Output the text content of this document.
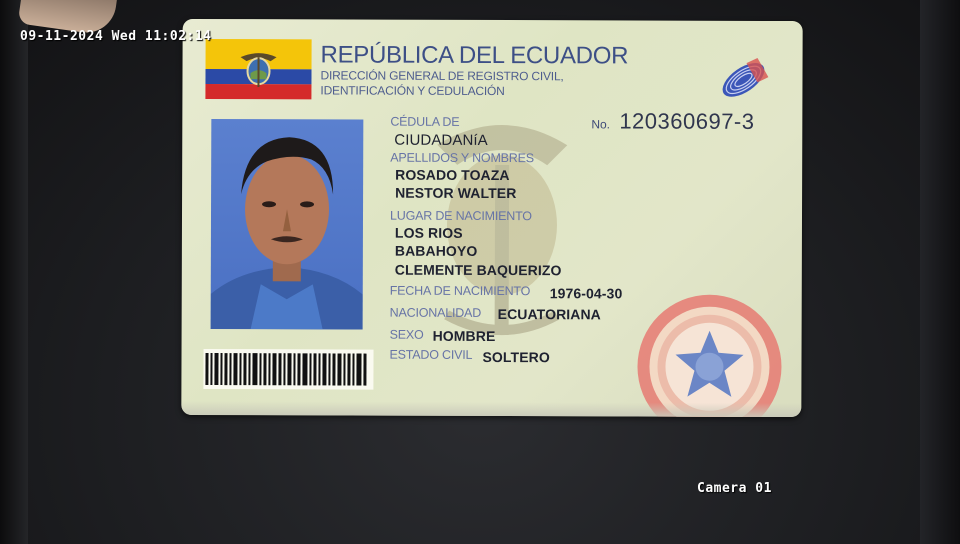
REPÚBLICA DEL ECUADOR
DIRECCIÓN GENERAL DE REGISTRO CIVIL,
IDENTIFICACIÓN Y CEDULACIÓN
No. 120360697-3
CÉDULA DE
CIUDADANíA
APELLIDOS Y NOMBRES
ROSADO TOAZA
NESTOR WALTER
LUGAR DE NACIMIENTO
LOS RIOS
BABAHOYO
CLEMENTE BAQUERIZO
FECHA DE NACIMIENTO 1976-04-30
NACIONALIDAD ECUATORIANA
SEXO HOMBRE
ESTADO CIVIL SOLTERO
09-11-2024 Wed 11:02:14
Camera 01
